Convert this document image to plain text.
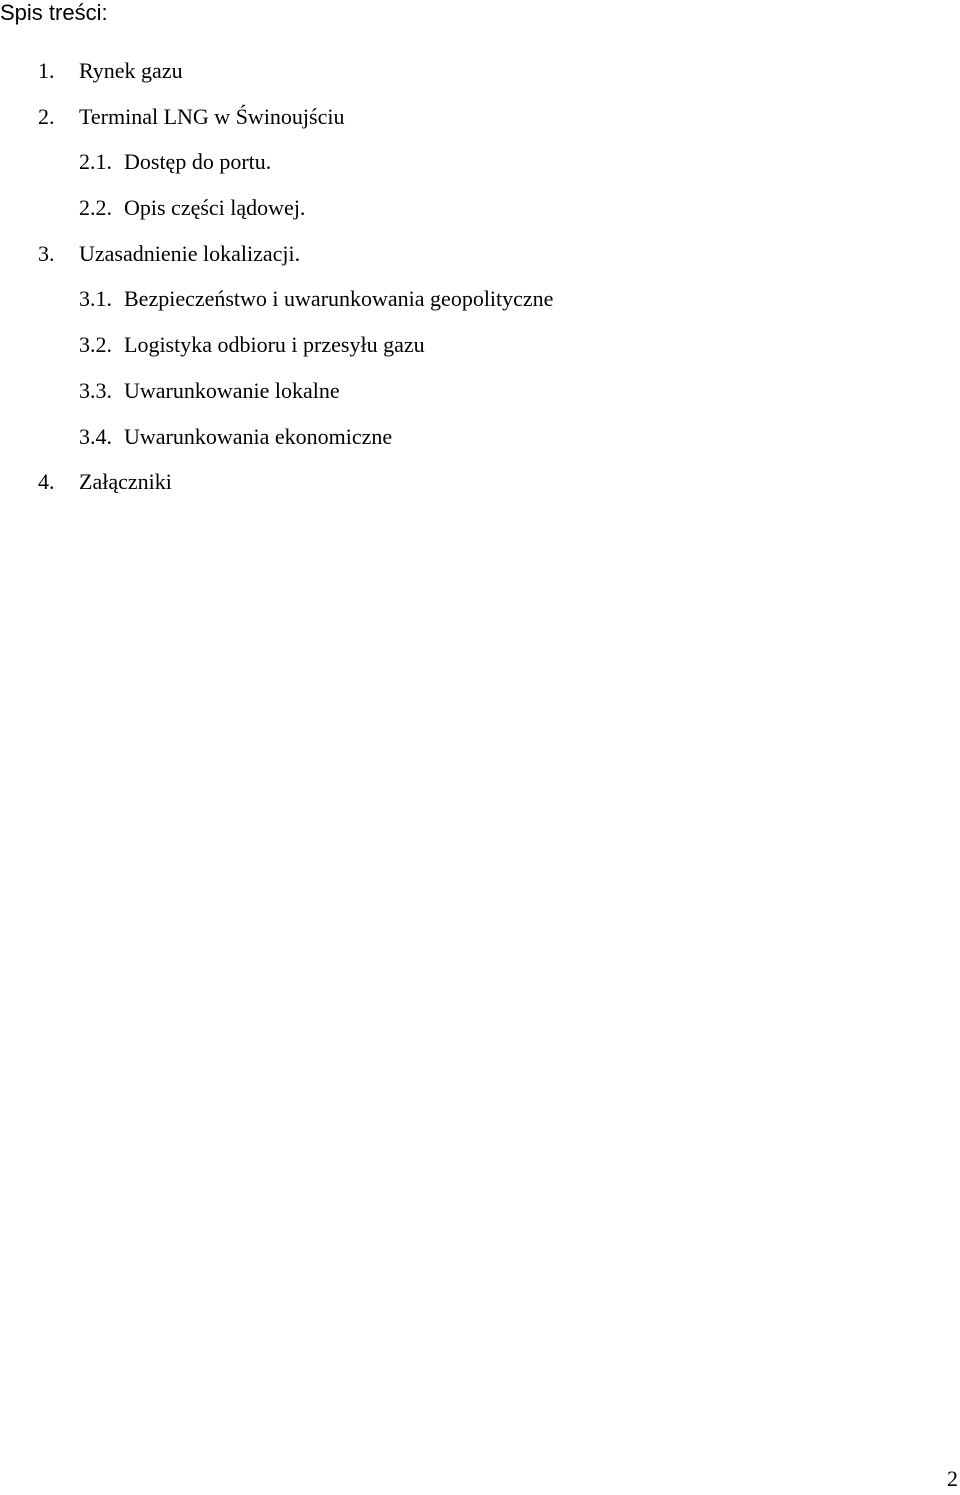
Spis treści:
1. Rynek gazu
2. Terminal LNG w Świnoujściu
2.1. Dostęp do portu.
2.2. Opis części lądowej.
3. Uzasadnienie lokalizacji.
3.1. Bezpieczeństwo i uwarunkowania geopolityczne
3.2. Logistyka odbioru i przesyłu gazu
3.3. Uwarunkowanie lokalne
3.4. Uwarunkowania ekonomiczne
4. Załączniki
2
